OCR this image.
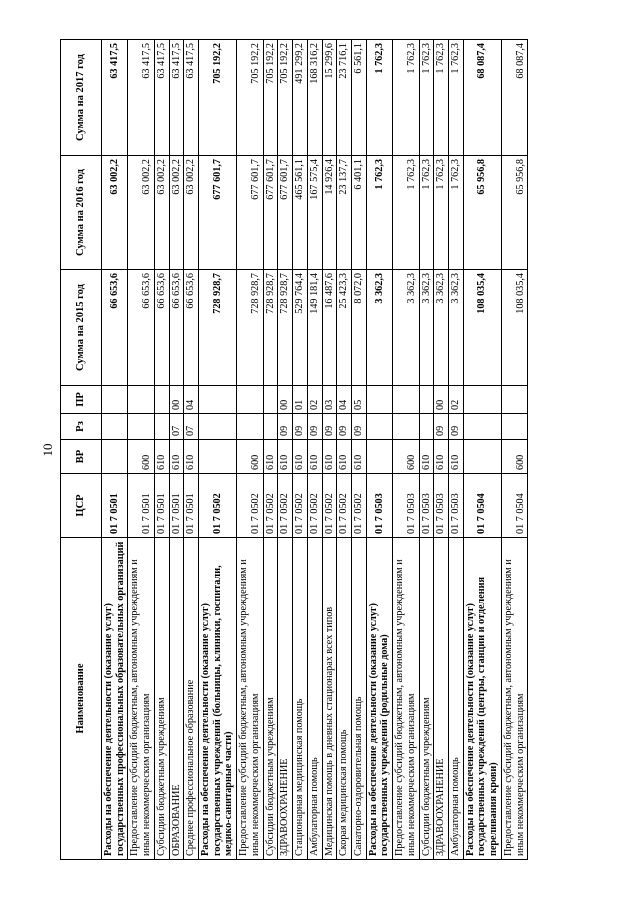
10
Наименование	ЦСР	ВР	Рз	ПР	Сумма на 2015 год	Сумма на 2016 год	Сумма на 2017 год
Расходы на обеспечение деятельности (оказание услуг) государственных профессиональных образовательных организаций	01 7 0501				66 653,6	63 002,2	63 417,5
Предоставление субсидий бюджетным, автономным учреждениям и иным некоммерческим организациям	01 7 0501	600			66 653,6	63 002,2	63 417,5
Субсидии бюджетным учреждениям	01 7 0501	610			66 653,6	63 002,2	63 417,5
ОБРАЗОВАНИЕ	01 7 0501	610	07	00	66 653,6	63 002,2	63 417,5
Среднее профессиональное образование	01 7 0501	610	07	04	66 653,6	63 002,2	63 417,5
Расходы на обеспечение деятельности (оказание услуг) государственных учреждений (больницы, клиники, госпитали, медико-санитарные части)	01 7 0502				728 928,7	677 601,7	705 192,2
Предоставление субсидий бюджетным, автономным учреждениям и иным некоммерческим организациям	01 7 0502	600			728 928,7	677 601,7	705 192,2
Субсидии бюджетным учреждениям	01 7 0502	610			728 928,7	677 601,7	705 192,2
ЗДРАВООХРАНЕНИЕ	01 7 0502	610	09	00	728 928,7	677 601,7	705 192,2
Стационарная медицинская помощь	01 7 0502	610	09	01	529 764,4	465 561,1	491 299,2
Амбулаторная помощь	01 7 0502	610	09	02	149 181,4	167 575,4	168 316,2
Медицинская помощь в дневных стационарах всех типов	01 7 0502	610	09	03	16 487,6	14 926,4	15 299,6
Скорая медицинская помощь	01 7 0502	610	09	04	25 423,3	23 137,7	23 716,1
Санаторно-оздоровительная помощь	01 7 0502	610	09	05	8 072,0	6 401,1	6 561,1
Расходы на обеспечение деятельности (оказание услуг) государственных учреждений (родильные дома)	01 7 0503				3 362,3	1 762,3	1 762,3
Предоставление субсидий бюджетным, автономным учреждениям и иным некоммерческим организациям	01 7 0503	600			3 362,3	1 762,3	1 762,3
Субсидии бюджетным учреждениям	01 7 0503	610			3 362,3	1 762,3	1 762,3
ЗДРАВООХРАНЕНИЕ	01 7 0503	610	09	00	3 362,3	1 762,3	1 762,3
Амбулаторная помощь	01 7 0503	610	09	02	3 362,3	1 762,3	1 762,3
Расходы на обеспечение деятельности (оказание услуг) государственных учреждений (центры, станции и отделения переливания крови)	01 7 0504				108 035,4	65 956,8	68 087,4
Предоставление субсидий бюджетным, автономным учреждениям и иным некоммерческим организациям	01 7 0504	600			108 035,4	65 956,8	68 087,4
